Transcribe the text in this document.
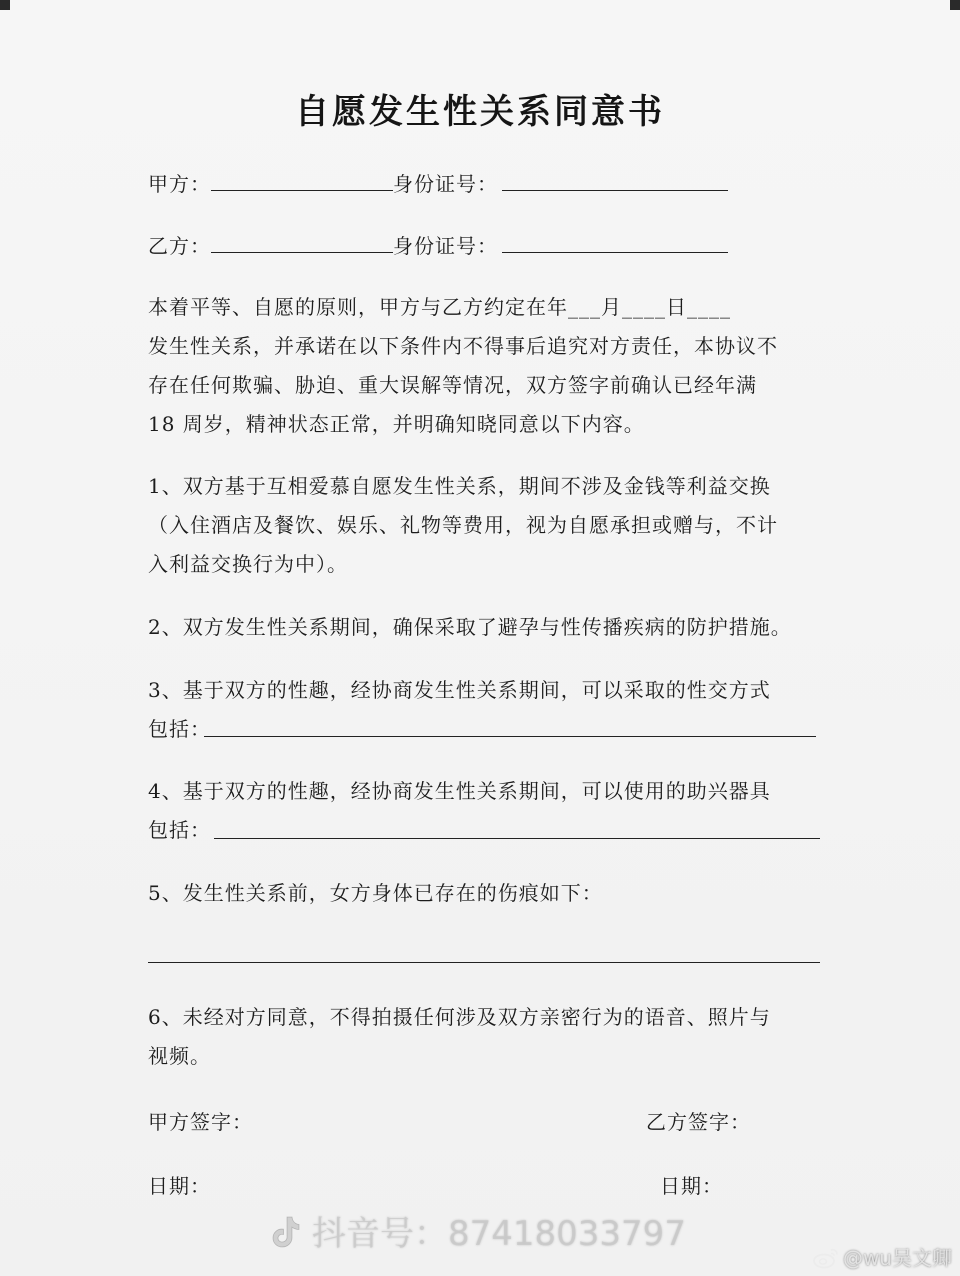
自愿发生性关系同意书
甲方：	身份证号：
乙方：	身份证号：
本着平等、自愿的原则，甲方与乙方约定在年___月____日____
发生性关系，并承诺在以下条件内不得事后追究对方责任，本协议不
存在任何欺骗、胁迫、重大误解等情况，双方签字前确认已经年满
18 周岁，精神状态正常，并明确知晓同意以下内容。
1、双方基于互相爱慕自愿发生性关系，期间不涉及金钱等利益交换
（入住酒店及餐饮、娱乐、礼物等费用，视为自愿承担或赠与，不计
入利益交换行为中）。
2、双方发生性关系期间，确保采取了避孕与性传播疾病的防护措施。
3、基于双方的性趣，经协商发生性关系期间，可以采取的性交方式
包括：
4、基于双方的性趣，经协商发生性关系期间，可以使用的助兴器具
包括：
5、发生性关系前，女方身体已存在的伤痕如下：
6、未经对方同意，不得拍摄任何涉及双方亲密行为的语音、照片与
视频。
甲方签字：	乙方签字：
日期：	日期：
抖音号：87418033797
@wu吴文卿
